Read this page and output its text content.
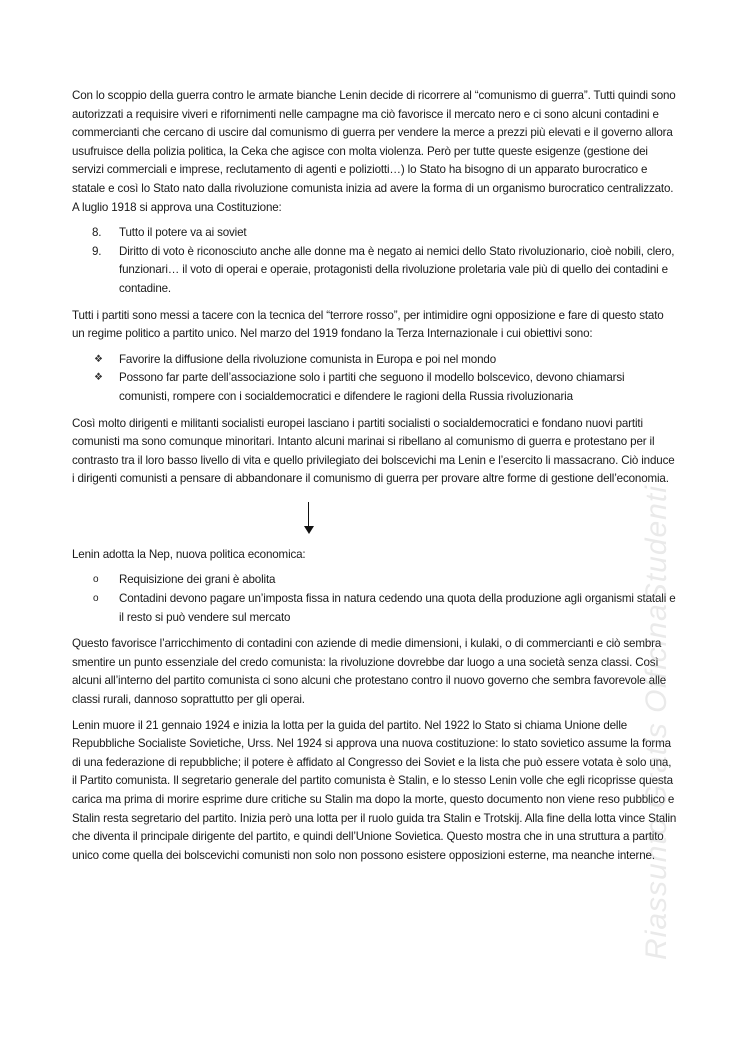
Con lo scoppio della guerra contro le armate bianche Lenin decide di ricorrere al “comunismo di guerra”. Tutti quindi sono autorizzati a requisire viveri e rifornimenti nelle campagne ma ciò favorisce il mercato nero e ci sono alcuni contadini e commercianti che cercano di uscire dal comunismo di guerra per vendere la merce a prezzi più elevati e il governo allora usufruisce della polizia politica, la Ceka che agisce con molta violenza. Però per tutte queste esigenze (gestione dei servizi commerciali e imprese, reclutamento di agenti e poliziotti…) lo Stato ha bisogno di un apparato burocratico e statale e così lo Stato nato dalla rivoluzione comunista inizia ad avere la forma di un organismo burocratico centralizzato. A luglio 1918 si approva una Costituzione:

8. Tutto il potere va ai soviet
9. Diritto di voto è riconosciuto anche alle donne ma è negato ai nemici dello Stato rivoluzionario, cioè nobili, clero, funzionari… il voto di operai e operaie, protagonisti della rivoluzione proletaria vale più di quello dei contadini e contadine.

Tutti i partiti sono messi a tacere con la tecnica del “terrore rosso”, per intimidire ogni opposizione e fare di questo stato un regime politico a partito unico. Nel marzo del 1919 fondano la Terza Internazionale i cui obiettivi sono:

❖ Favorire la diffusione della rivoluzione comunista in Europa e poi nel mondo
❖ Possono far parte dell’associazione solo i partiti che seguono il modello bolscevico, devono chiamarsi comunisti, rompere con i socialdemocratici e difendere le ragioni della Russia rivoluzionaria

Così molto dirigenti e militanti socialisti europei lasciano i partiti socialisti o socialdemocratici e fondano nuovi partiti comunisti ma sono comunque minoritari. Intanto alcuni marinai si ribellano al comunismo di guerra e protestano per il contrasto tra il loro basso livello di vita e quello privilegiato dei bolscevichi ma Lenin e l’esercito li massacrano. Ciò induce i dirigenti comunisti a pensare di abbandonare il comunismo di guerra per provare altre forme di gestione dell’economia.

Lenin adotta la Nep, nuova politica economica:

o Requisizione dei grani è abolita
o Contadini devono pagare un’imposta fissa in natura cedendo una quota della produzione agli organismi statali e il resto si può vendere sul mercato

Questo favorisce l’arricchimento di contadini con aziende di medie dimensioni, i kulaki, o di commercianti e ciò sembra smentire un punto essenziale del credo comunista: la rivoluzione dovrebbe dar luogo a una società senza classi. Così alcuni all’interno del partito comunista ci sono alcuni che protestano contro il nuovo governo che sembra favorevole alle classi rurali, dannoso soprattutto per gli operai.

Lenin muore il 21 gennaio 1924 e inizia la lotta per la guida del partito. Nel 1922 lo Stato si chiama Unione delle Repubbliche Socialiste Sovietiche, Urss. Nel 1924 si approva una nuova costituzione: lo stato sovietico assume la forma di una federazione di repubbliche; il potere è affidato al Congresso dei Soviet e la lista che può essere votata è solo una, il Partito comunista. Il segretario generale del partito comunista è Stalin, e lo stesso Lenin volle che egli ricoprisse questa carica ma prima di morire esprime dure critiche su Stalin ma dopo la morte, questo documento non viene reso pubblico e Stalin resta segretario del partito. Inizia però una lotta per il ruolo guida tra Stalin e Trotskij. Alla fine della lotta vince Stalin che diventa il principale dirigente del partito, e quindi dell’Unione Sovietica. Questo mostra che in una struttura a partito unico come quella dei bolscevichi comunisti non solo non possono esistere opposizioni esterne, ma neanche interne.

Riassunto.Gratis OfficinaStudenti
